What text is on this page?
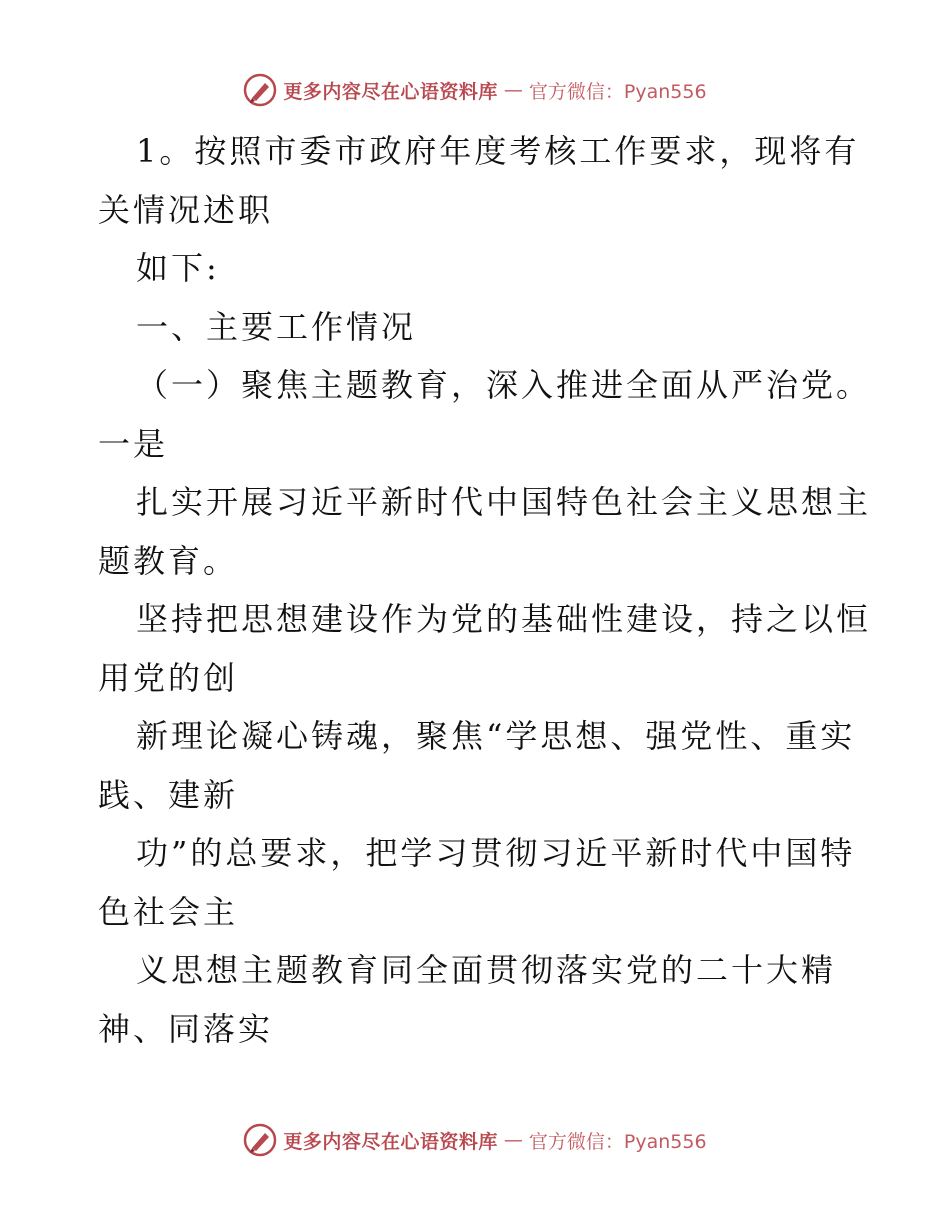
更多内容尽在心语资料库 — 官方微信：Pyan556
1。按照市委市政府年度考核工作要求，现将有
关情况述职
如下:
一、主要工作情况
（一）聚焦主题教育，深入推进全面从严治党。
一是
扎实开展习近平新时代中国特色社会主义思想主
题教育。
坚持把思想建设作为党的基础性建设，持之以恒
用党的创
新理论凝心铸魂，聚焦“学思想、强党性、重实
践、建新
功”的总要求，把学习贯彻习近平新时代中国特
色社会主
义思想主题教育同全面贯彻落实党的二十大精
神、同落实
更多内容尽在心语资料库 — 官方微信：Pyan556
